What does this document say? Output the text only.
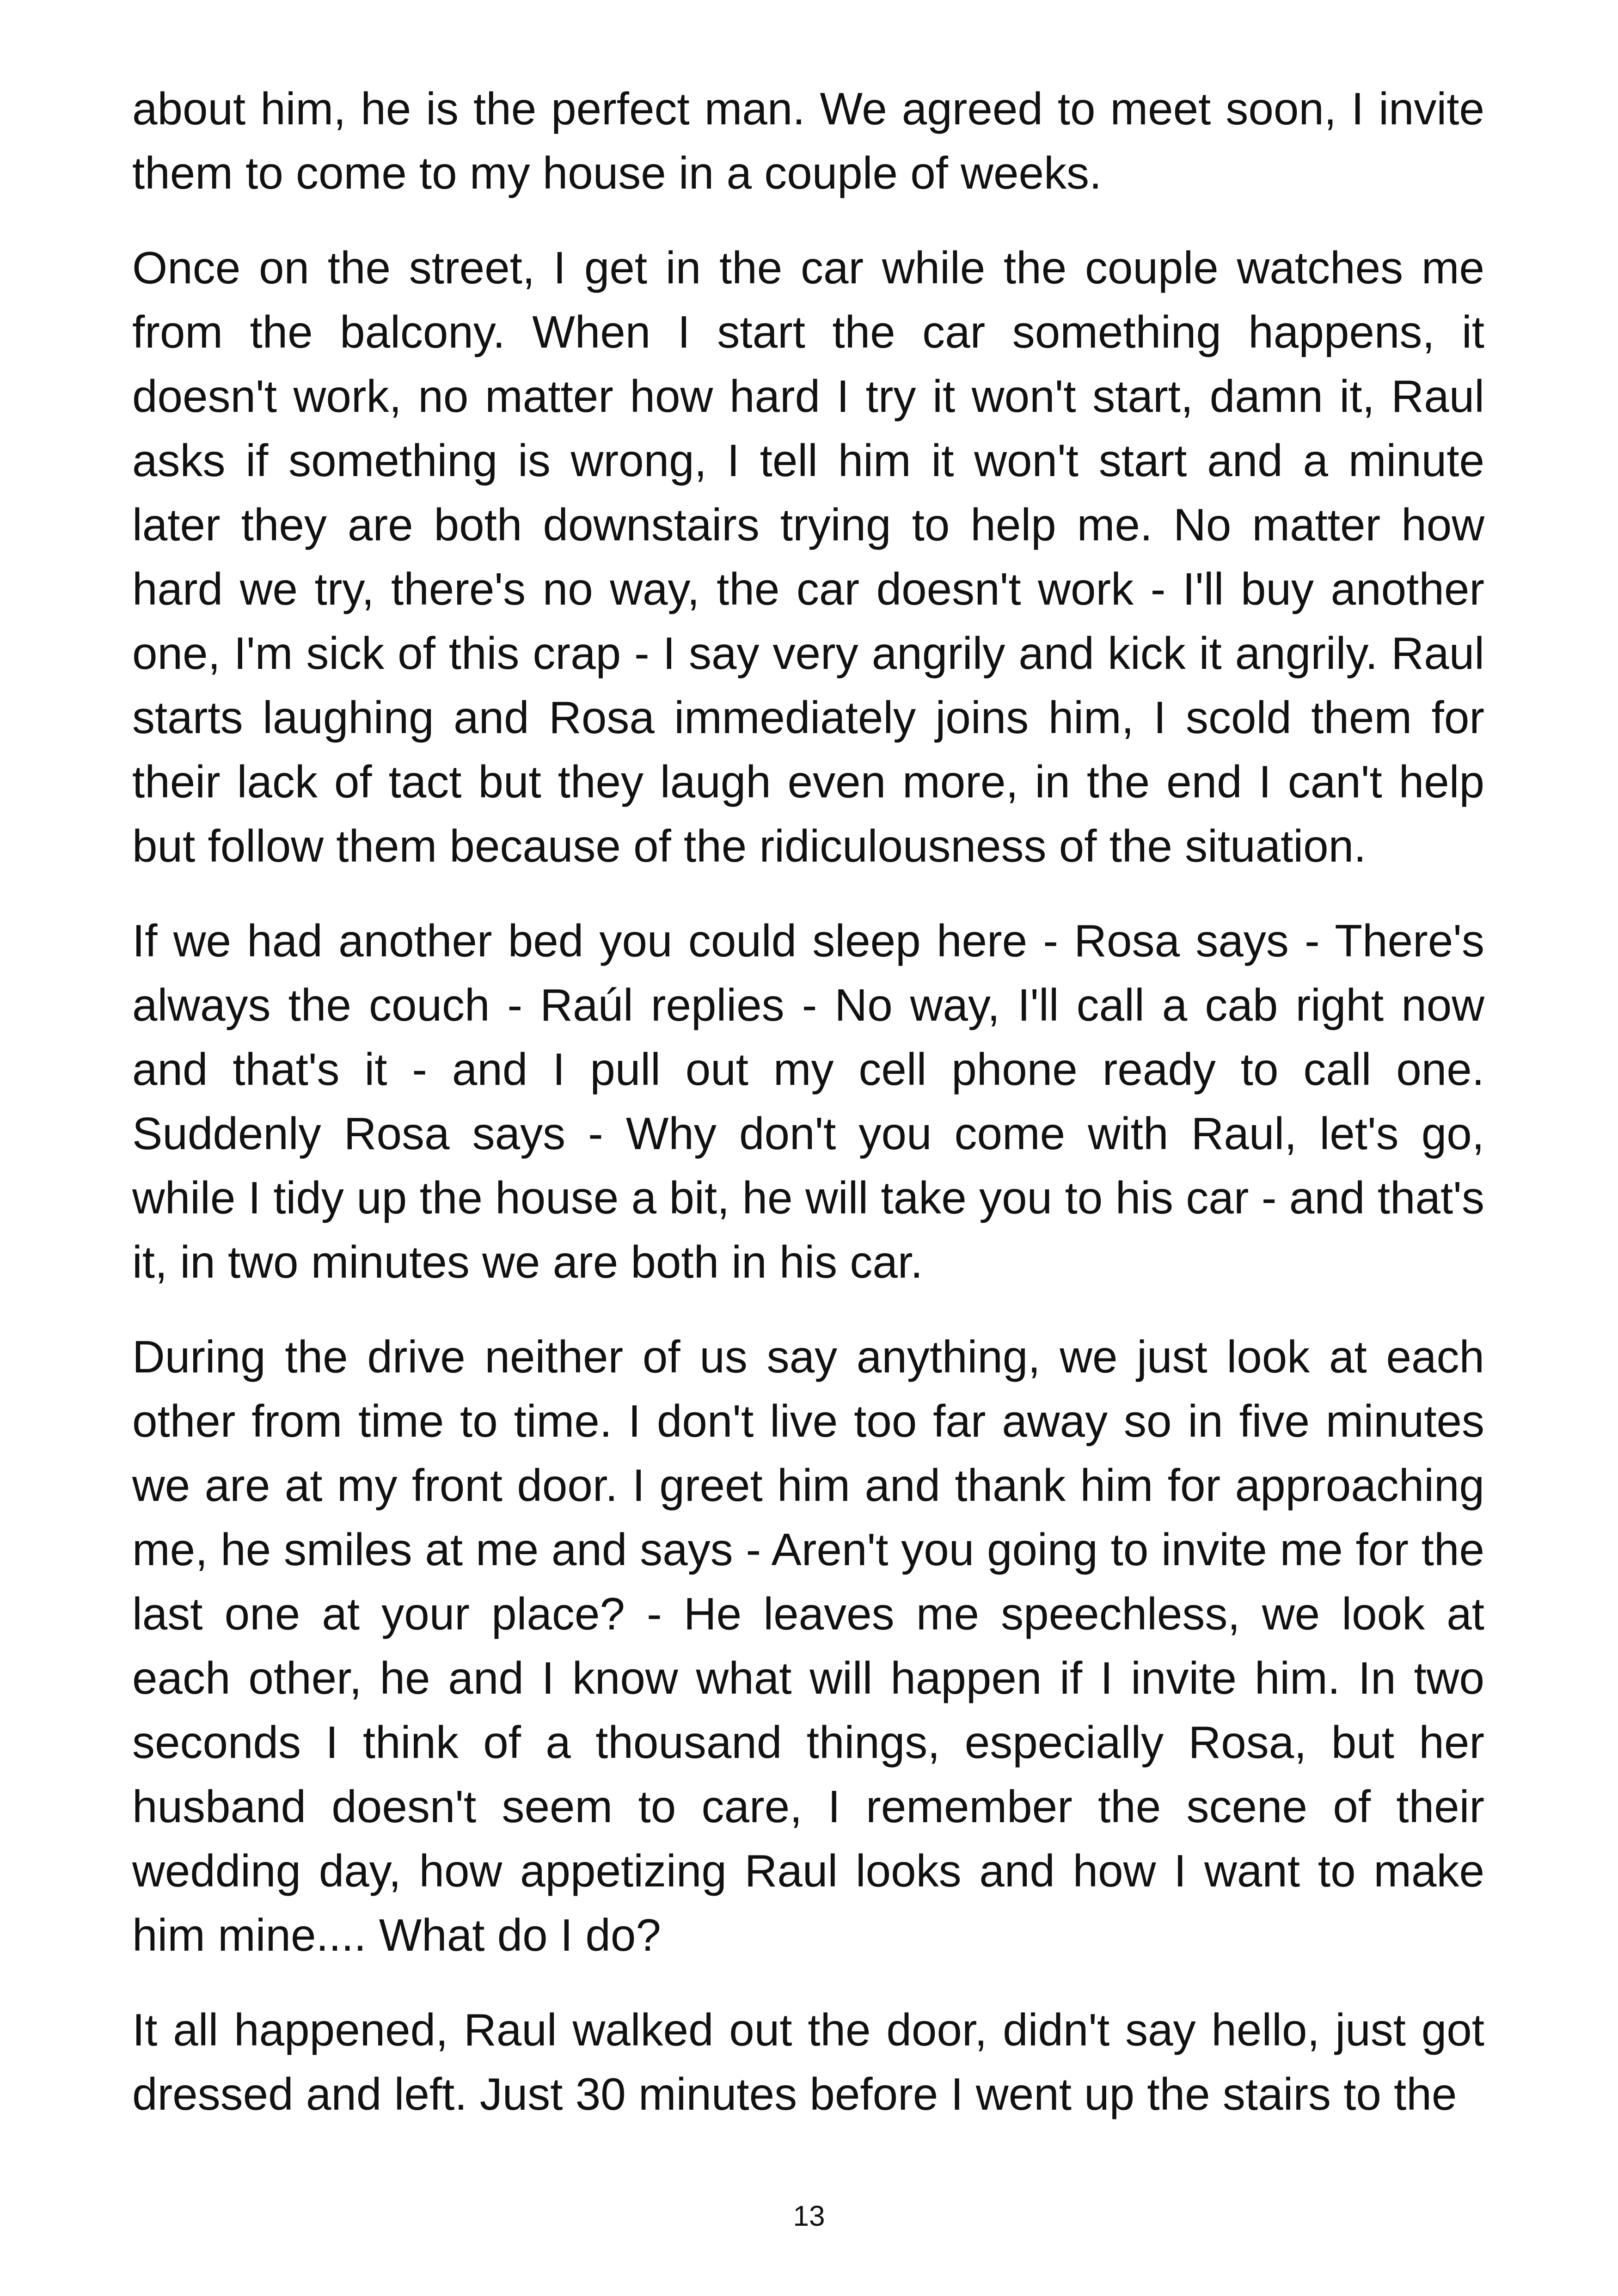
about him, he is the perfect man. We agreed to meet soon, I invite them to come to my house in a couple of weeks.

Once on the street, I get in the car while the couple watches me from the balcony. When I start the car something happens, it doesn't work, no matter how hard I try it won't start, damn it, Raul asks if something is wrong, I tell him it won't start and a minute later they are both downstairs trying to help me. No matter how hard we try, there's no way, the car doesn't work - I'll buy another one, I'm sick of this crap - I say very angrily and kick it angrily. Raul starts laughing and Rosa immediately joins him, I scold them for their lack of tact but they laugh even more, in the end I can't help but follow them because of the ridiculousness of the situation.

If we had another bed you could sleep here - Rosa says - There's always the couch - Raúl replies - No way, I'll call a cab right now and that's it - and I pull out my cell phone ready to call one. Suddenly Rosa says - Why don't you come with Raul, let's go, while I tidy up the house a bit, he will take you to his car - and that's it, in two minutes we are both in his car.

During the drive neither of us say anything, we just look at each other from time to time. I don't live too far away so in five minutes we are at my front door. I greet him and thank him for approaching me, he smiles at me and says - Aren't you going to invite me for the last one at your place? - He leaves me speechless, we look at each other, he and I know what will happen if I invite him. In two seconds I think of a thousand things, especially Rosa, but her husband doesn't seem to care, I remember the scene of their wedding day, how appetizing Raul looks and how I want to make him mine.... What do I do?

It all happened, Raul walked out the door, didn't say hello, just got dressed and left. Just 30 minutes before I went up the stairs to the

13
